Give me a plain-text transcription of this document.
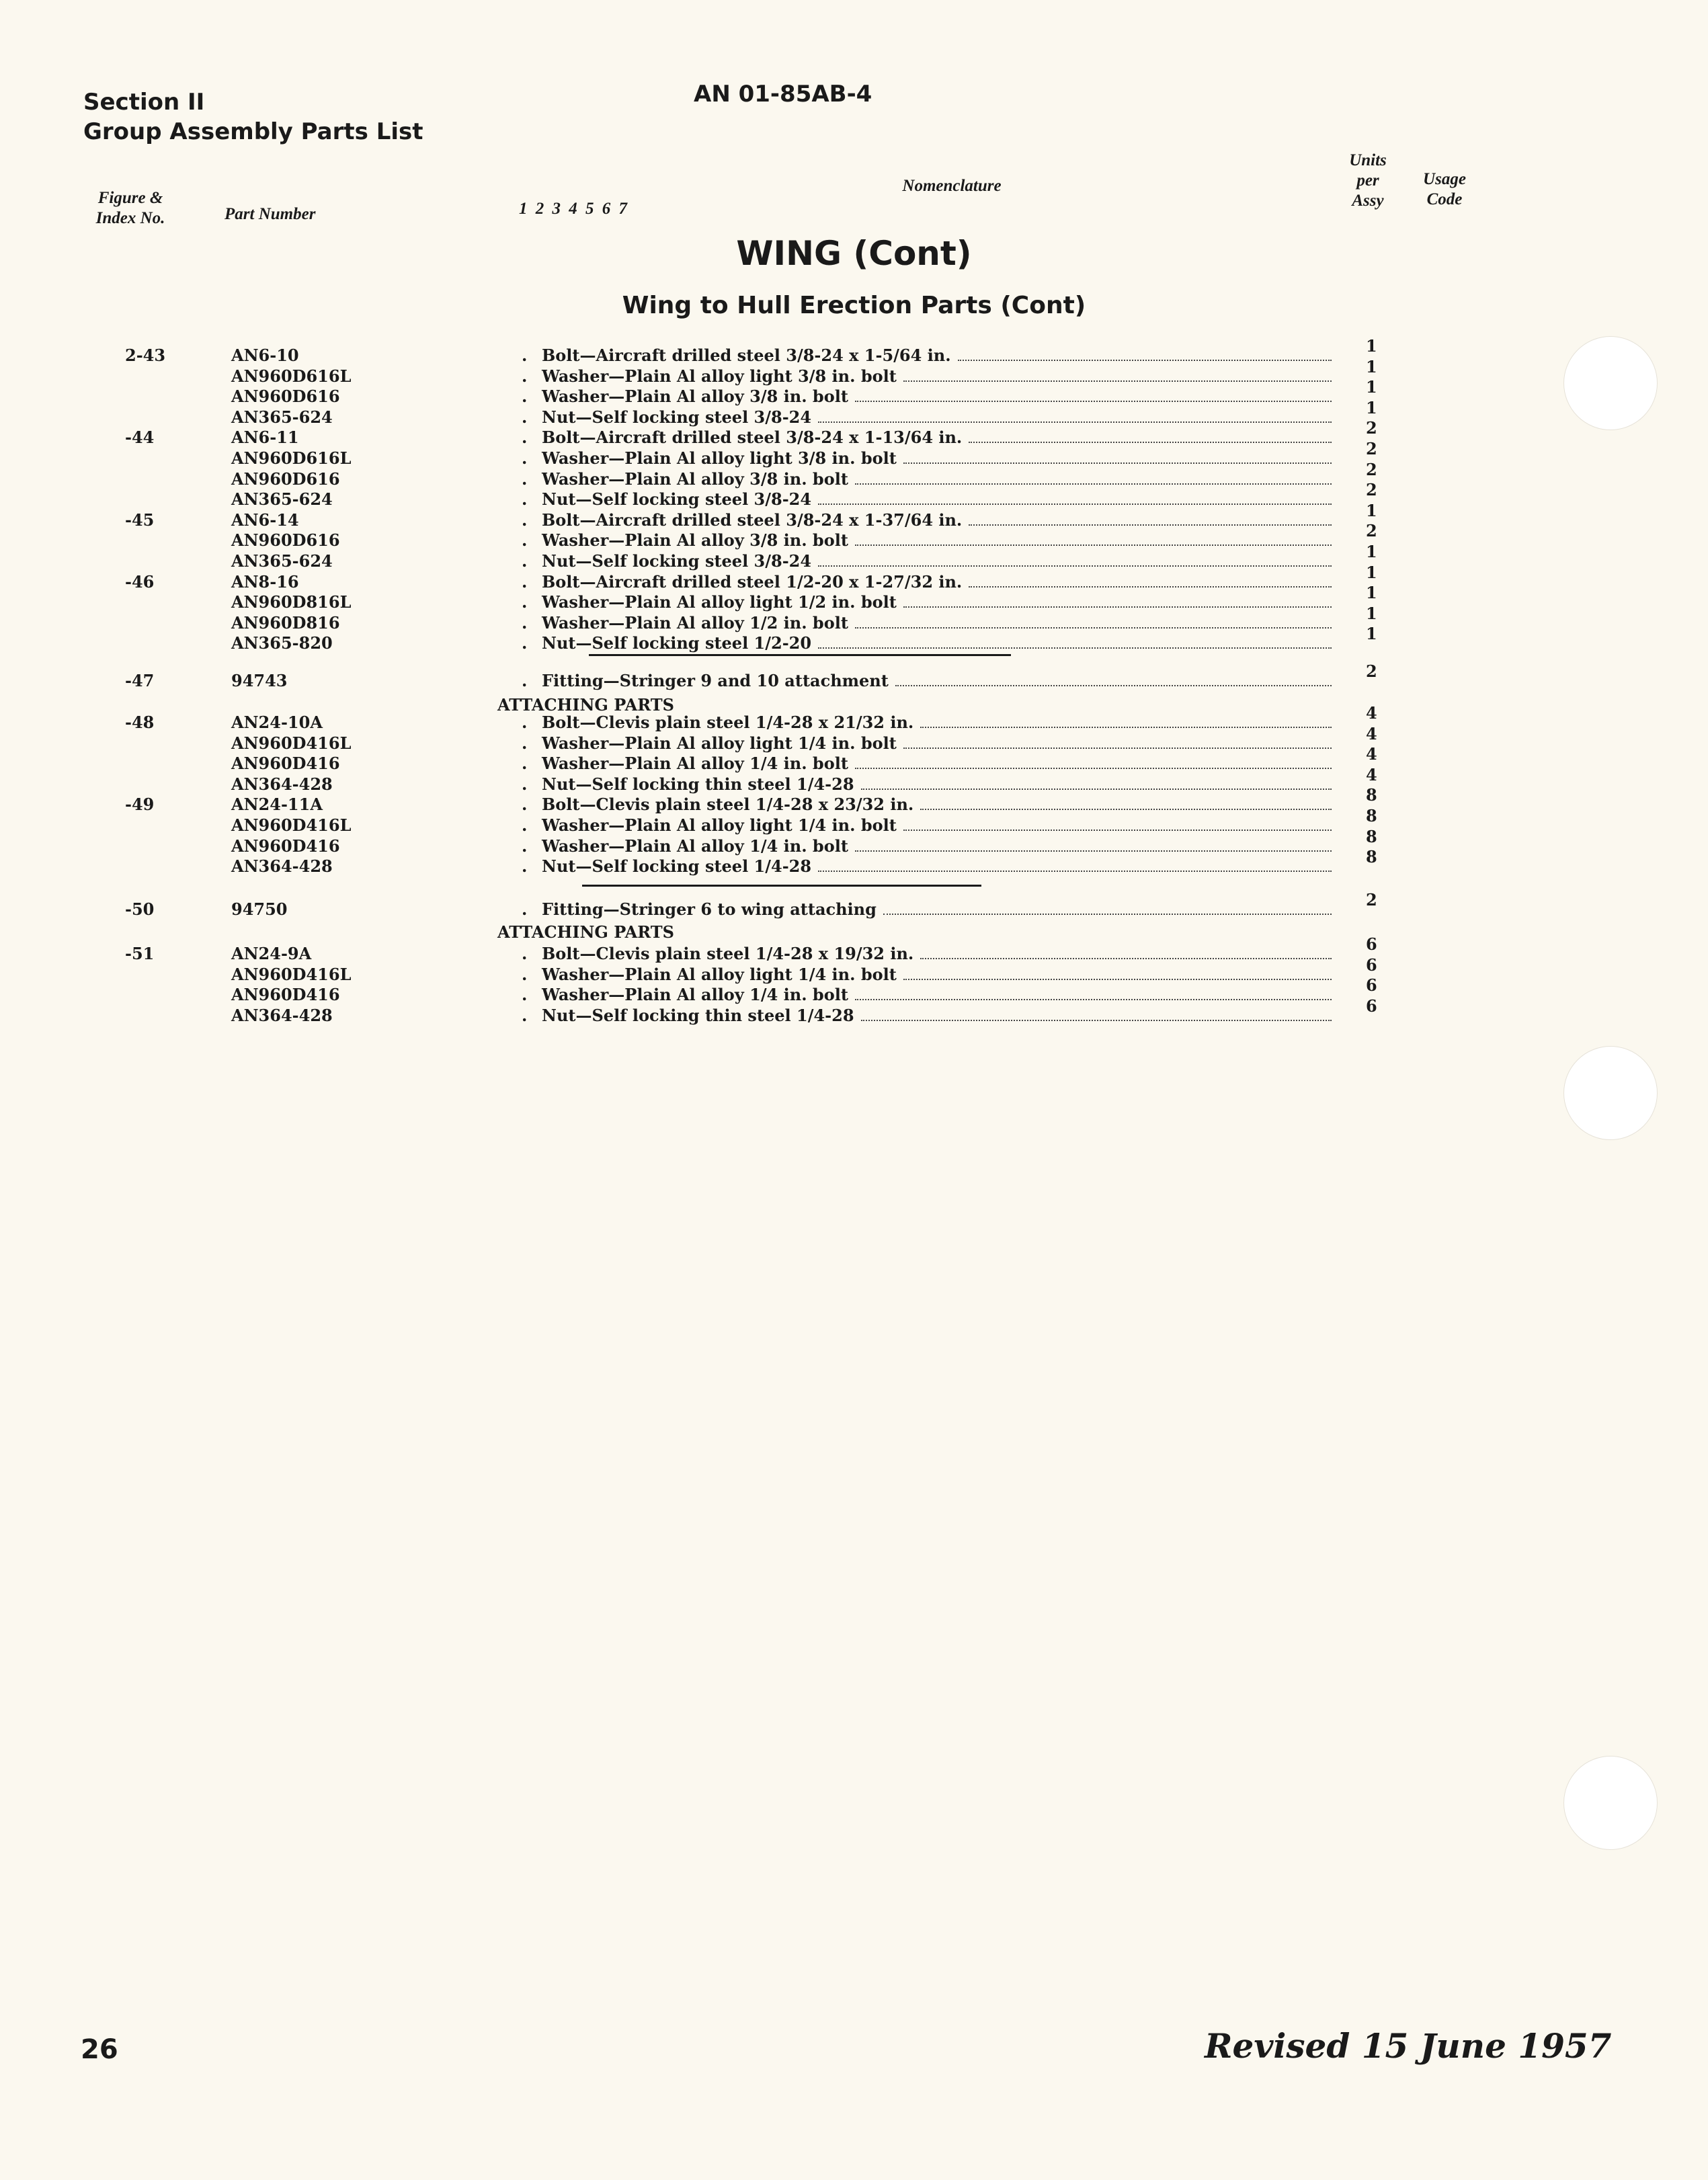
Section II
Group Assembly Parts List
AN 01-85AB-4
Figure &
Index No.	Part Number	1 2 3 4 5 6 7
Nomenclature
Units
per
Assy
Usage
Code
WING (Cont)
Wing to Hull Erection Parts (Cont)
2-43	AN6-10	. Bolt—Aircraft drilled steel 3/8-24 x 1-5/64 in.	1
AN960D616L	. Washer—Plain Al alloy light 3/8 in. bolt	1
AN960D616	. Washer—Plain Al alloy 3/8 in. bolt	1
AN365-624	. Nut—Self locking steel 3/8-24	1
-44	AN6-11	. Bolt—Aircraft drilled steel 3/8-24 x 1-13/64 in.	2
AN960D616L	. Washer—Plain Al alloy light 3/8 in. bolt	2
AN960D616	. Washer—Plain Al alloy 3/8 in. bolt	2
AN365-624	. Nut—Self locking steel 3/8-24	2
-45	AN6-14	. Bolt—Aircraft drilled steel 3/8-24 x 1-37/64 in.	1
AN960D616	. Washer—Plain Al alloy 3/8 in. bolt	2
AN365-624	. Nut—Self locking steel 3/8-24	1
-46	AN8-16	. Bolt—Aircraft drilled steel 1/2-20 x 1-27/32 in.	1
AN960D816L	. Washer—Plain Al alloy light 1/2 in. bolt	1
AN960D816	. Washer—Plain Al alloy 1/2 in. bolt	1
AN365-820	. Nut—Self locking steel 1/2-20	1
-47	94743	. Fitting—Stringer 9 and 10 attachment	2
ATTACHING PARTS
-48	AN24-10A	. Bolt—Clevis plain steel 1/4-28 x 21/32 in.	4
AN960D416L	. Washer—Plain Al alloy light 1/4 in. bolt	4
AN960D416	. Washer—Plain Al alloy 1/4 in. bolt	4
AN364-428	. Nut—Self locking thin steel 1/4-28	4
-49	AN24-11A	. Bolt—Clevis plain steel 1/4-28 x 23/32 in.	8
AN960D416L	. Washer—Plain Al alloy light 1/4 in. bolt	8
AN960D416	. Washer—Plain Al alloy 1/4 in. bolt	8
AN364-428	. Nut—Self locking steel 1/4-28	8
-50	94750	. Fitting—Stringer 6 to wing attaching	2
ATTACHING PARTS
-51	AN24-9A	. Bolt—Clevis plain steel 1/4-28 x 19/32 in.	6
AN960D416L	. Washer—Plain Al alloy light 1/4 in. bolt	6
AN960D416	. Washer—Plain Al alloy 1/4 in. bolt	6
AN364-428	. Nut—Self locking thin steel 1/4-28	6
26	Revised 15 June 1957
